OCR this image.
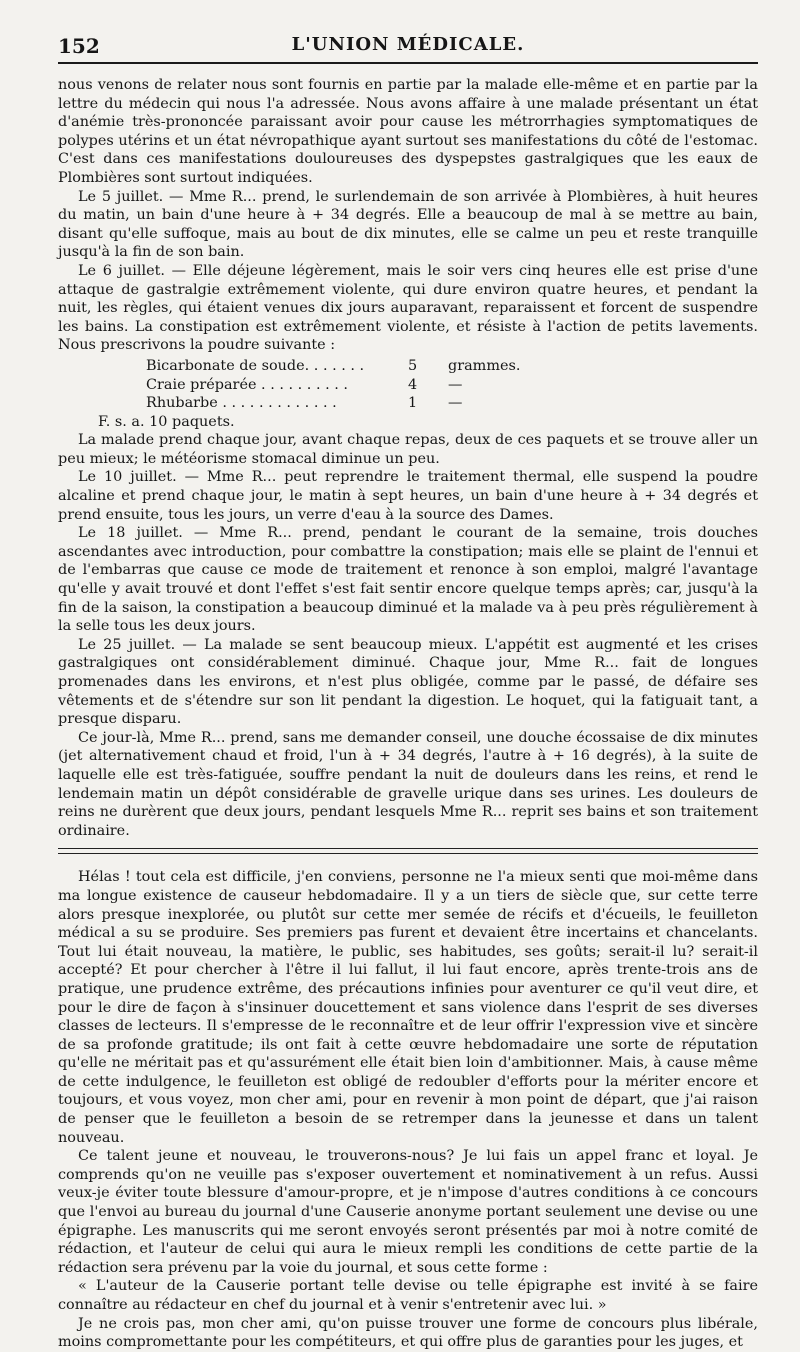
152	L'UNION MÉDICALE.

nous venons de relater nous sont fournis en partie par la malade elle-même et en partie par la lettre du médecin qui nous l'a adressée. Nous avons affaire à une malade présentant un état d'anémie très-prononcée paraissant avoir pour cause les métrorrhagies symptomatiques de polypes utérins et un état névropathique ayant surtout ses manifestations du côté de l'estomac. C'est dans ces manifestations douloureuses des dyspepstes gastralgiques que les eaux de Plombières sont surtout indiquées.

Le 5 juillet. — Mme R... prend, le surlendemain de son arrivée à Plombières, à huit heures du matin, un bain d'une heure à + 34 degrés. Elle a beaucoup de mal à se mettre au bain, disant qu'elle suffoque, mais au bout de dix minutes, elle se calme un peu et reste tranquille jusqu'à la fin de son bain.

Le 6 juillet. — Elle déjeune légèrement, mais le soir vers cinq heures elle est prise d'une attaque de gastralgie extrêmement violente, qui dure environ quatre heures, et pendant la nuit, les règles, qui étaient venues dix jours auparavant, reparaissent et forcent de suspendre les bains. La constipation est extrêmement violente, et résiste à l'action de petits lavements. Nous prescrivons la poudre suivante :

Bicarbonate de soude. . . . . . .	5	grammes.
Craie préparée . . . . . . . . . .	4	—
Rhubarbe . . . . . . . . . . . . .	1	—
F. s. a. 10 paquets.

La malade prend chaque jour, avant chaque repas, deux de ces paquets et se trouve aller un peu mieux; le météorisme stomacal diminue un peu.

Le 10 juillet. — Mme R... peut reprendre le traitement thermal, elle suspend la poudre alcaline et prend chaque jour, le matin à sept heures, un bain d'une heure à + 34 degrés et prend ensuite, tous les jours, un verre d'eau à la source des Dames.

Le 18 juillet. — Mme R... prend, pendant le courant de la semaine, trois douches ascendantes avec introduction, pour combattre la constipation; mais elle se plaint de l'ennui et de l'embarras que cause ce mode de traitement et renonce à son emploi, malgré l'avantage qu'elle y avait trouvé et dont l'effet s'est fait sentir encore quelque temps après; car, jusqu'à la fin de la saison, la constipation a beaucoup diminué et la malade va à peu près régulièrement à la selle tous les deux jours.

Le 25 juillet. — La malade se sent beaucoup mieux. L'appétit est augmenté et les crises gastralgiques ont considérablement diminué. Chaque jour, Mme R... fait de longues promenades dans les environs, et n'est plus obligée, comme par le passé, de défaire ses vêtements et de s'étendre sur son lit pendant la digestion. Le hoquet, qui la fatiguait tant, a presque disparu.

Ce jour-là, Mme R... prend, sans me demander conseil, une douche écossaise de dix minutes (jet alternativement chaud et froid, l'un à + 34 degrés, l'autre à + 16 degrés), à la suite de laquelle elle est très-fatiguée, souffre pendant la nuit de douleurs dans les reins, et rend le lendemain matin un dépôt considérable de gravelle urique dans ses urines. Les douleurs de reins ne durèrent que deux jours, pendant lesquels Mme R... reprit ses bains et son traitement ordinaire.

Hélas ! tout cela est difficile, j'en conviens, personne ne l'a mieux senti que moi-même dans ma longue existence de causeur hebdomadaire. Il y a un tiers de siècle que, sur cette terre alors presque inexplorée, ou plutôt sur cette mer semée de récifs et d'écueils, le feuilleton médical a su se produire. Ses premiers pas furent et devaient être incertains et chancelants. Tout lui était nouveau, la matière, le public, ses habitudes, ses goûts; serait-il lu? serait-il accepté? Et pour chercher à l'être il lui fallut, il lui faut encore, après trente-trois ans de pratique, une prudence extrême, des précautions infinies pour aventurer ce qu'il veut dire, et pour le dire de façon à s'insinuer doucettement et sans violence dans l'esprit de ses diverses classes de lecteurs. Il s'empresse de le reconnaître et de leur offrir l'expression vive et sincère de sa profonde gratitude; ils ont fait à cette œuvre hebdomadaire une sorte de réputation qu'elle ne méritait pas et qu'assurément elle était bien loin d'ambitionner. Mais, à cause même de cette indulgence, le feuilleton est obligé de redoubler d'efforts pour la mériter encore et toujours, et vous voyez, mon cher ami, pour en revenir à mon point de départ, que j'ai raison de penser que le feuilleton a besoin de se retremper dans la jeunesse et dans un talent nouveau.

Ce talent jeune et nouveau, le trouverons-nous? Je lui fais un appel franc et loyal. Je comprends qu'on ne veuille pas s'exposer ouvertement et nominativement à un refus. Aussi veux-je éviter toute blessure d'amour-propre, et je n'impose d'autres conditions à ce concours que l'envoi au bureau du journal d'une Causerie anonyme portant seulement une devise ou une épigraphe. Les manuscrits qui me seront envoyés seront présentés par moi à notre comité de rédaction, et l'auteur de celui qui aura le mieux rempli les conditions de cette partie de la rédaction sera prévenu par la voie du journal, et sous cette forme :

« L'auteur de la Causerie portant telle devise ou telle épigraphe est invité à se faire connaître au rédacteur en chef du journal et à venir s'entretenir avec lui. »

Je ne crois pas, mon cher ami, qu'on puisse trouver une forme de concours plus libérale, moins compromettante pour les compétiteurs, et qui offre plus de garanties pour les juges, et
